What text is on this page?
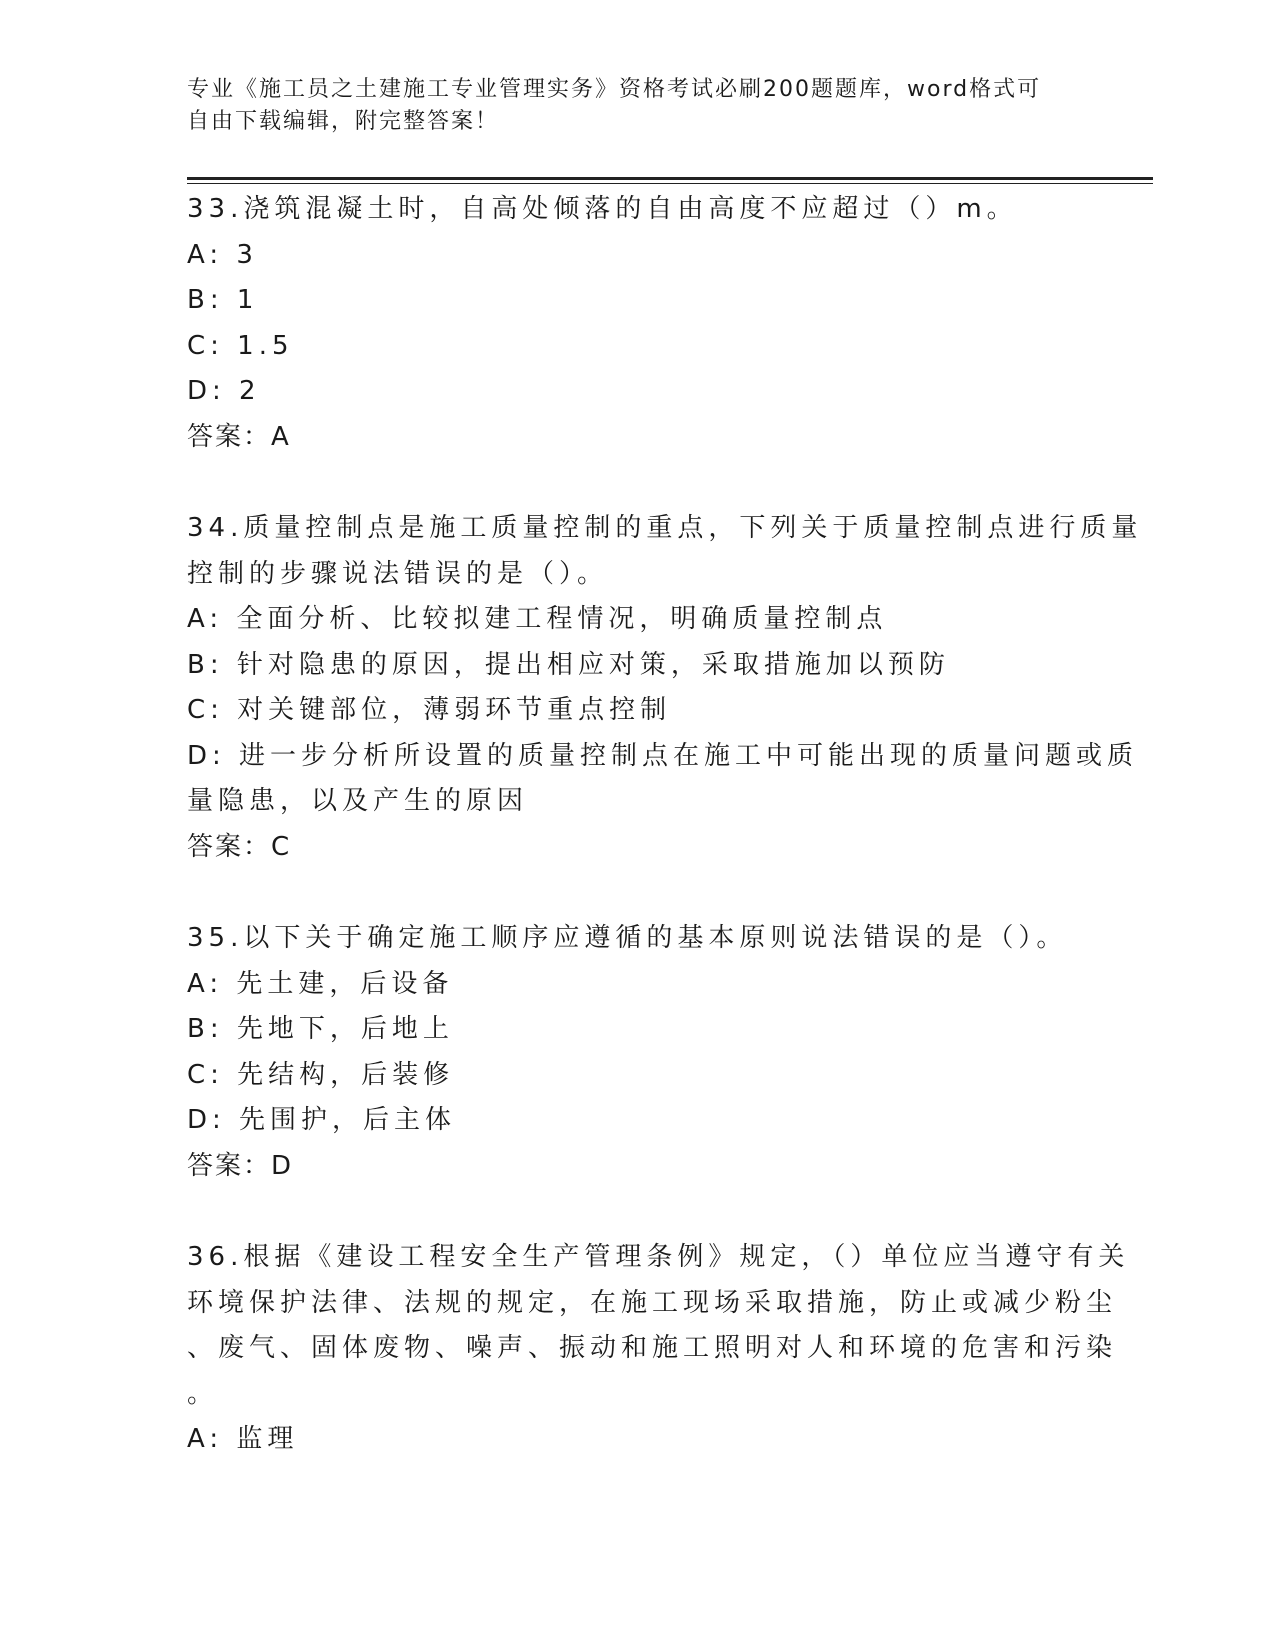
专业《施工员之土建施工专业管理实务》资格考试必刷200题题库，word格式可

自由下载编辑，附完整答案！

33.浇筑混凝土时，自高处倾落的自由高度不应超过（）m。
A: 3
B: 1
C: 1.5
D: 2
答案：A
34.质量控制点是施工质量控制的重点，下列关于质量控制点进行质量
控制的步骤说法错误的是（）。
A: 全面分析、比较拟建工程情况，明确质量控制点
B: 针对隐患的原因，提出相应对策，采取措施加以预防
C: 对关键部位，薄弱环节重点控制
D: 进一步分析所设置的质量控制点在施工中可能出现的质量问题或质
量隐患，以及产生的原因
答案：C
35.以下关于确定施工顺序应遵循的基本原则说法错误的是（）。
A: 先土建，后设备
B: 先地下，后地上
C: 先结构，后装修
D: 先围护，后主体
答案：D
36.根据《建设工程安全生产管理条例》规定，（）单位应当遵守有关
环境保护法律、法规的规定，在施工现场采取措施，防止或减少粉尘
、废气、固体废物、噪声、振动和施工照明对人和环境的危害和污染
。
A: 监理
